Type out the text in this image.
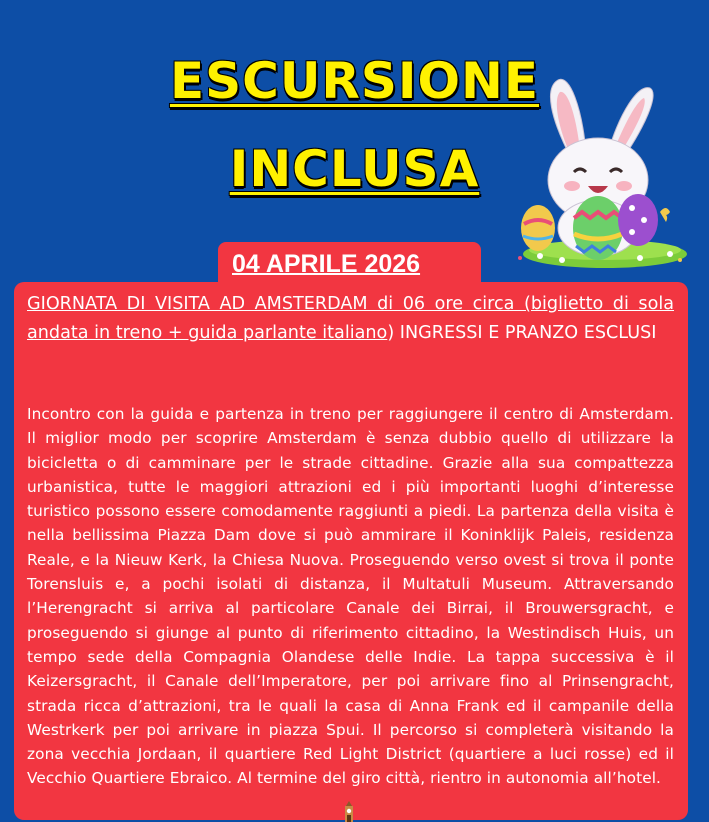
ESCURSIONE
INCLUSA
04 APRILE 2026

GIORNATA DI VISITA AD AMSTERDAM di 06 ore circa (biglietto di sola andata in treno + guida parlante italiano) INGRESSI E PRANZO ESCLUSI

Incontro con la guida e partenza in treno per raggiungere il centro di Amsterdam. Il miglior modo per scoprire Amsterdam è senza dubbio quello di utilizzare la bicicletta o di camminare per le strade cittadine. Grazie alla sua compattezza urbanistica, tutte le maggiori attrazioni ed i più importanti luoghi d’interesse turistico possono essere comodamente raggiunti a piedi. La partenza della visita è nella bellissima Piazza Dam dove si può ammirare il Koninklijk Paleis, residenza Reale, e la Nieuw Kerk, la Chiesa Nuova. Proseguendo verso ovest si trova il ponte Torensluis e, a pochi isolati di distanza, il Multatuli Museum. Attraversando l’Herengracht si arriva al particolare Canale dei Birrai, il Brouwersgracht, e proseguendo si giunge al punto di riferimento cittadino, la Westindisch Huis, un tempo sede della Compagnia Olandese delle Indie. La tappa successiva è il Keizersgracht, il Canale dell’Imperatore, per poi arrivare fino al Prinsengracht, strada ricca d’attrazioni, tra le quali la casa di Anna Frank ed il campanile della Westrkerk per poi arrivare in piazza Spui. Il percorso si completerà visitando la zona vecchia Jordaan, il quartiere Red Light District (quartiere a luci rosse) ed il Vecchio Quartiere Ebraico. Al termine del giro città, rientro in autonomia all’hotel.
